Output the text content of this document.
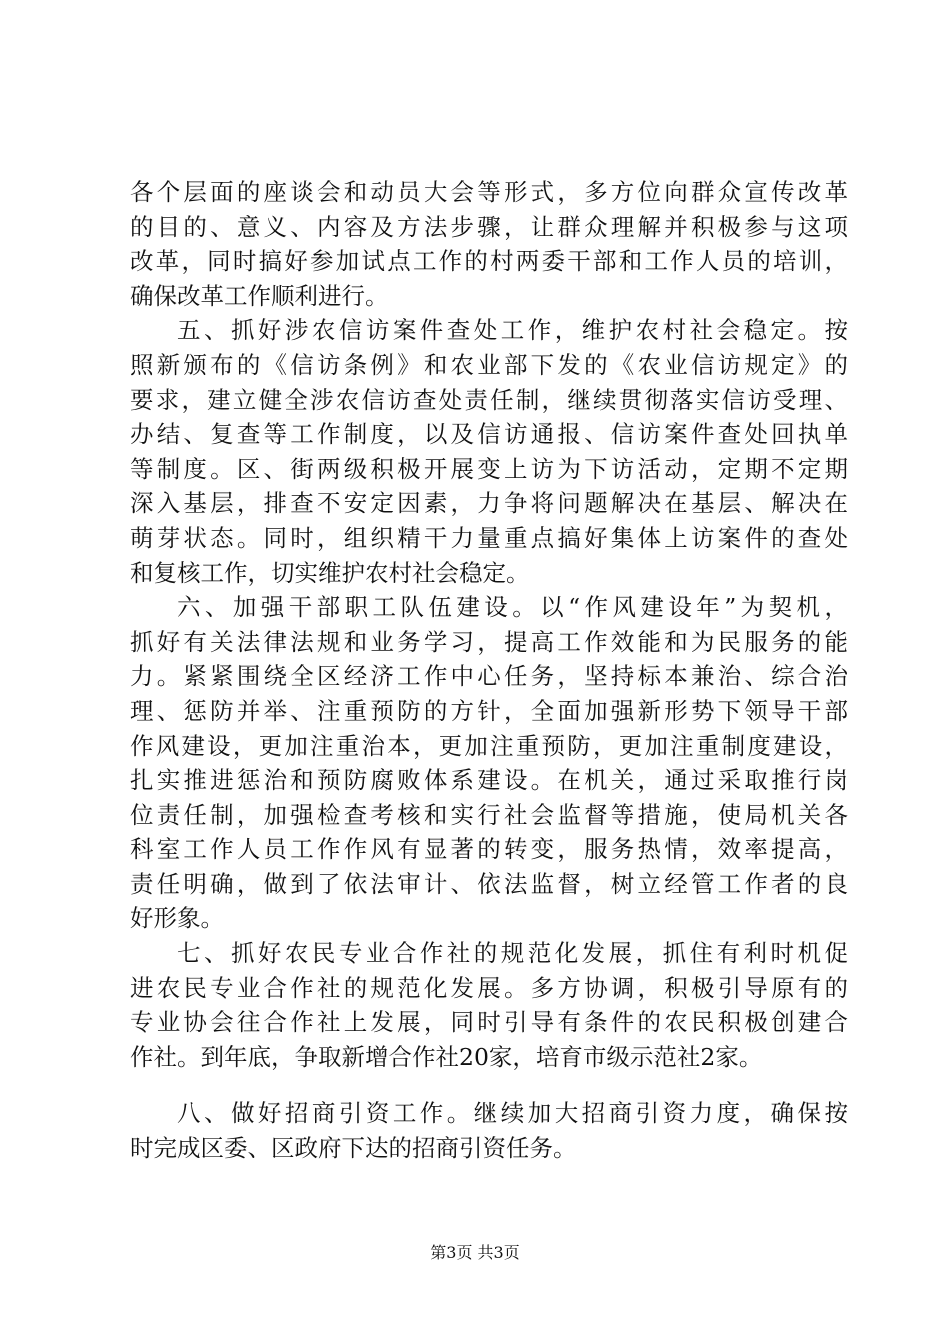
各个层面的座谈会和动员大会等形式，多方位向群众宣传改革
的目的、意义、内容及方法步骤，让群众理解并积极参与这项
改革，同时搞好参加试点工作的村两委干部和工作人员的培训，
确保改革工作顺利进行。
五、抓好涉农信访案件查处工作，维护农村社会稳定。按
照新颁布的《信访条例》和农业部下发的《农业信访规定》的
要求，建立健全涉农信访查处责任制，继续贯彻落实信访受理、
办结、复查等工作制度，以及信访通报、信访案件查处回执单
等制度。区、街两级积极开展变上访为下访活动，定期不定期
深入基层，排查不安定因素，力争将问题解决在基层、解决在
萌芽状态。同时，组织精干力量重点搞好集体上访案件的查处
和复核工作，切实维护农村社会稳定。
六、加强干部职工队伍建设。以“作风建设年”为契机，
抓好有关法律法规和业务学习，提高工作效能和为民服务的能
力。紧紧围绕全区经济工作中心任务，坚持标本兼治、综合治
理、惩防并举、注重预防的方针，全面加强新形势下领导干部
作风建设，更加注重治本，更加注重预防，更加注重制度建设，
扎实推进惩治和预防腐败体系建设。在机关，通过采取推行岗
位责任制，加强检查考核和实行社会监督等措施，使局机关各
科室工作人员工作作风有显著的转变，服务热情，效率提高，
责任明确，做到了依法审计、依法监督，树立经管工作者的良
好形象。
七、抓好农民专业合作社的规范化发展，抓住有利时机促
进农民专业合作社的规范化发展。多方协调，积极引导原有的
专业协会往合作社上发展，同时引导有条件的农民积极创建合
作社。到年底，争取新增合作社20家，培育市级示范社2家。
八、做好招商引资工作。继续加大招商引资力度，确保按
时完成区委、区政府下达的招商引资任务。
第3页 共3页
